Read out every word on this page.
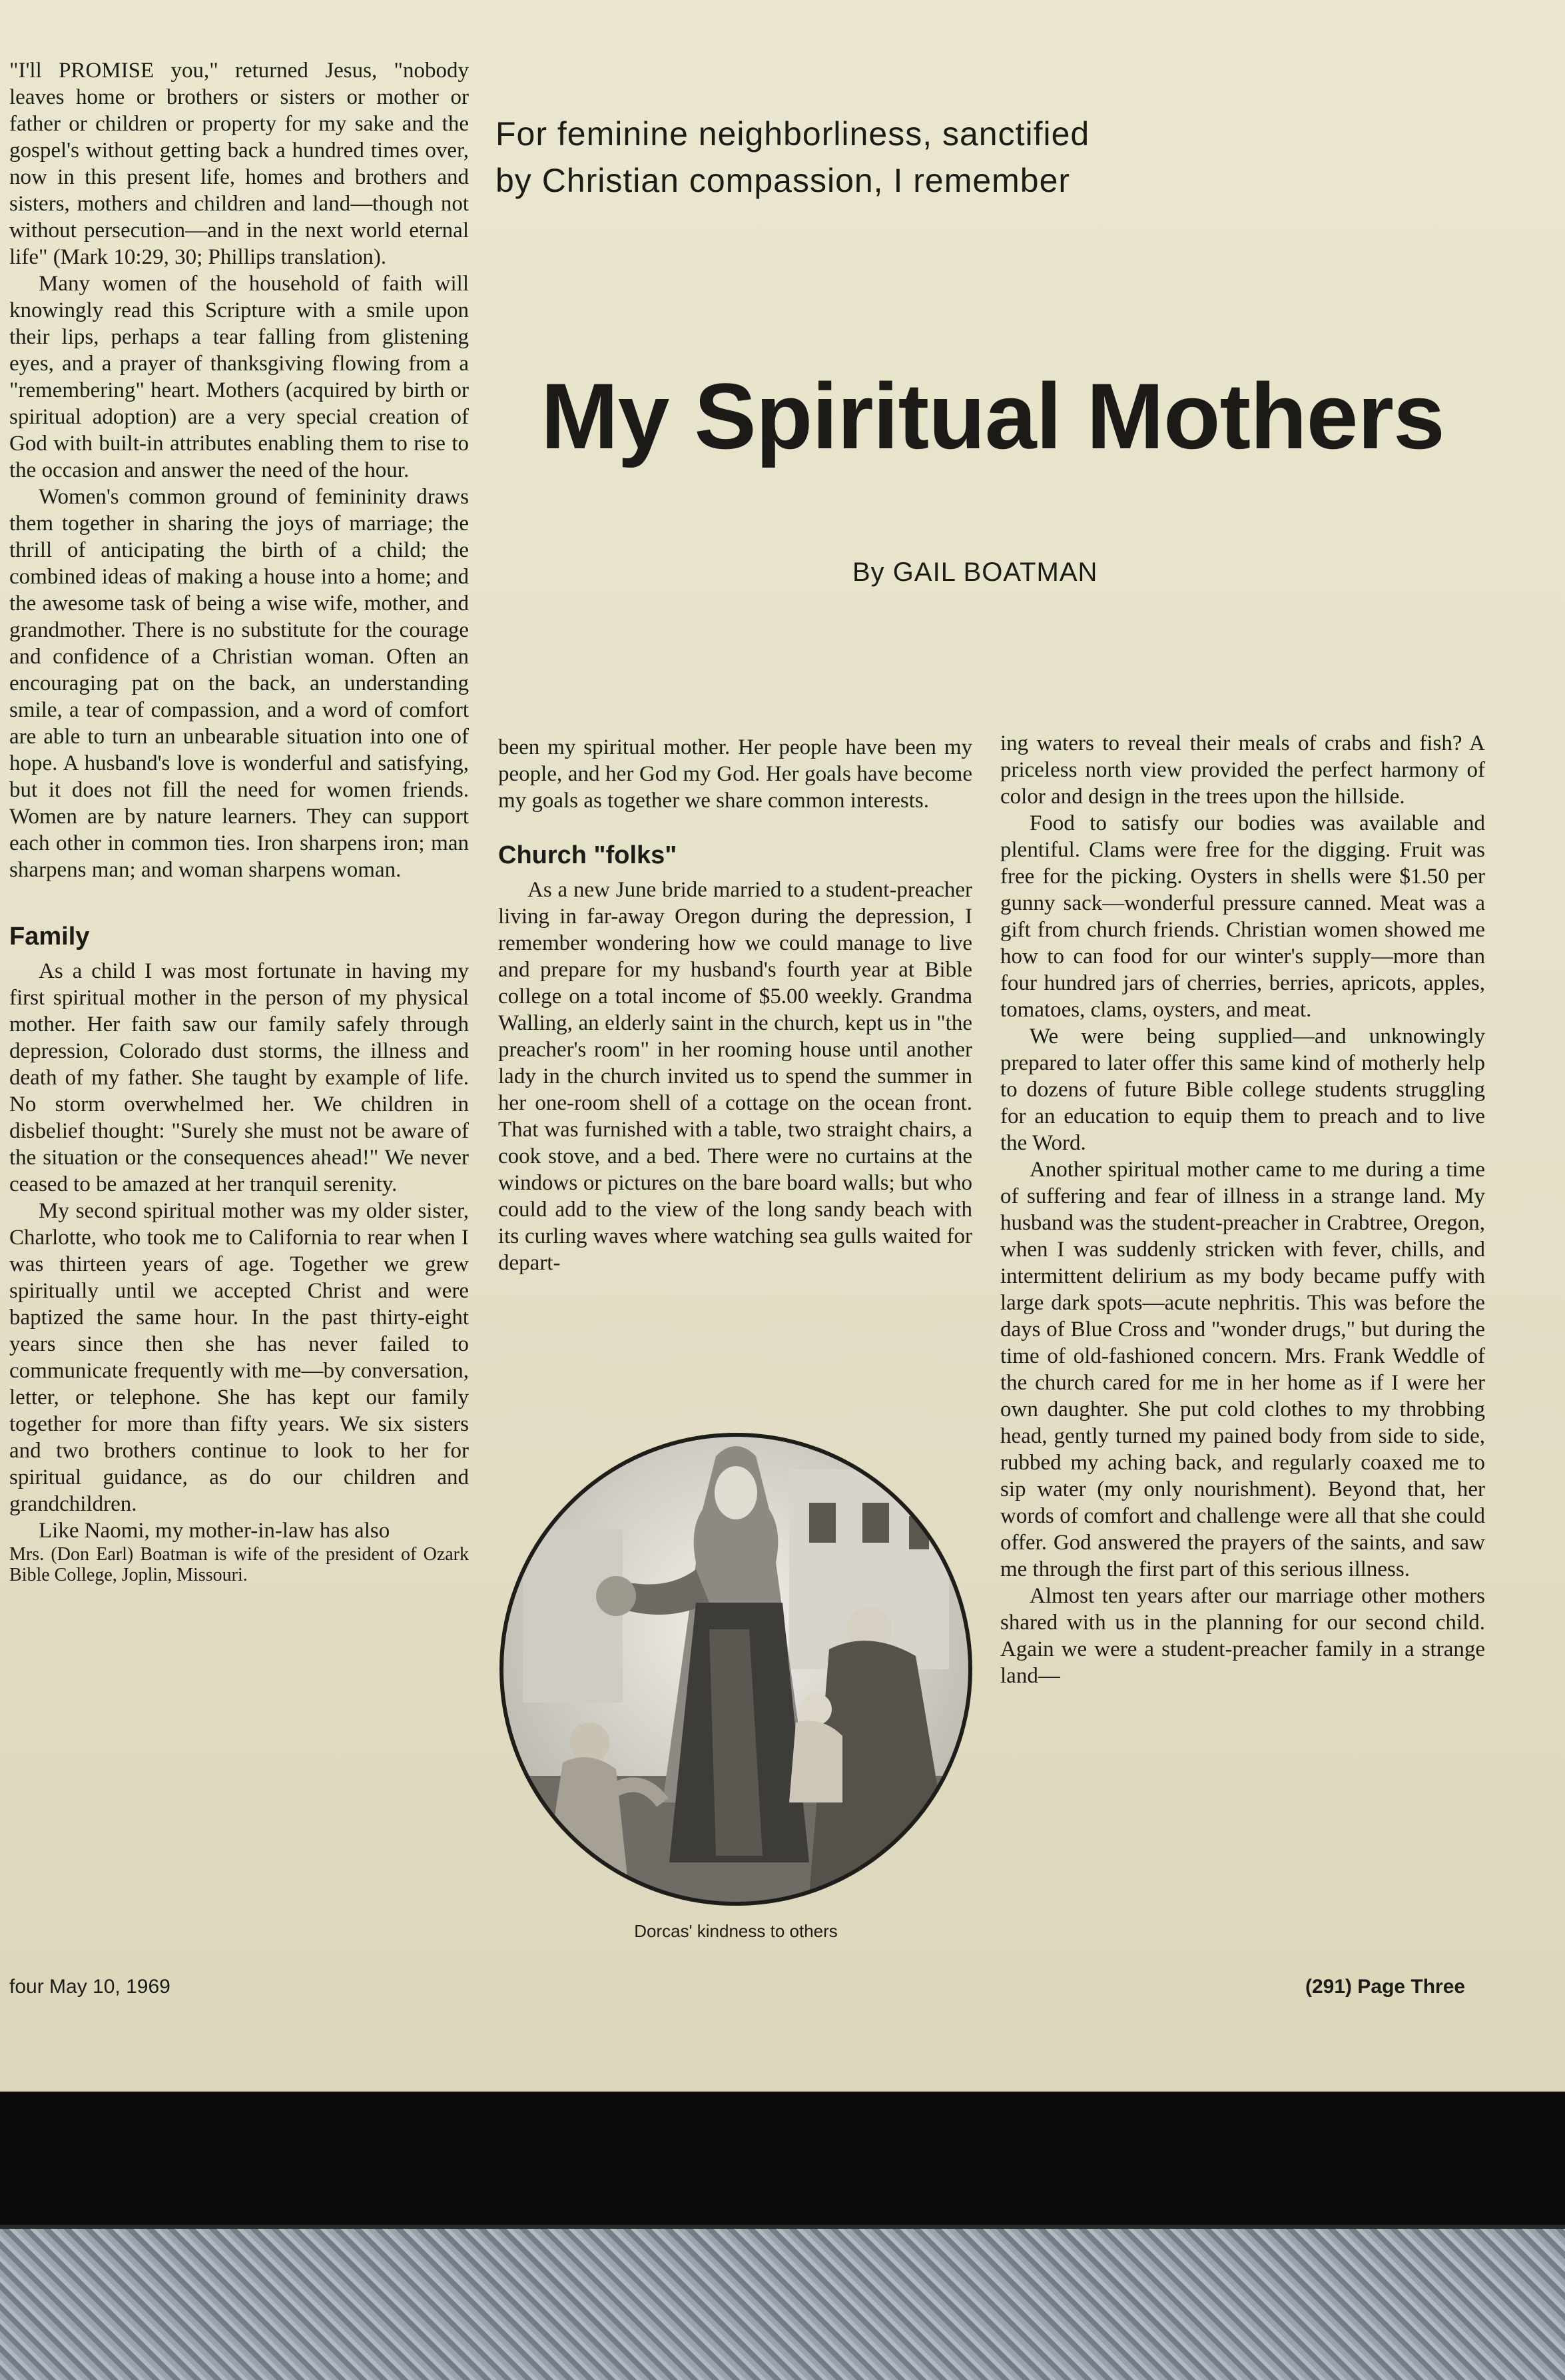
"I'll PROMISE you," returned Jesus, "nobody leaves home or brothers or sisters or mother or father or children or property for my sake and the gospel's without getting back a hundred times over, now in this present life, homes and brothers and sisters, mothers and children and land—though not without persecution—and in the next world eternal life" (Mark 10:29, 30; Phillips translation).

Many women of the household of faith will knowingly read this Scripture with a smile upon their lips, perhaps a tear falling from glistening eyes, and a prayer of thanksgiving flowing from a "remembering" heart. Mothers (acquired by birth or spiritual adoption) are a very special creation of God with built-in attributes enabling them to rise to the occasion and answer the need of the hour.

Women's common ground of femininity draws them together in sharing the joys of marriage; the thrill of anticipating the birth of a child; the combined ideas of making a house into a home; and the awesome task of being a wise wife, mother, and grandmother. There is no substitute for the courage and confidence of a Christian woman. Often an encouraging pat on the back, an understanding smile, a tear of compassion, and a word of comfort are able to turn an unbearable situation into one of hope. A husband's love is wonderful and satisfying, but it does not fill the need for women friends. Women are by nature learners. They can support each other in common ties. Iron sharpens iron; man sharpens man; and woman sharpens woman.

Family

As a child I was most fortunate in having my first spiritual mother in the person of my physical mother. Her faith saw our family safely through depression, Colorado dust storms, the illness and death of my father. She taught by example of life. No storm overwhelmed her. We children in disbelief thought: "Surely she must not be aware of the situation or the consequences ahead!" We never ceased to be amazed at her tranquil serenity.

My second spiritual mother was my older sister, Charlotte, who took me to California to rear when I was thirteen years of age. Together we grew spiritually until we accepted Christ and were baptized the same hour. In the past thirty-eight years since then she has never failed to communicate frequently with me—by conversation, letter, or telephone. She has kept our family together for more than fifty years. We six sisters and two brothers continue to look to her for spiritual guidance, as do our children and grandchildren.

Like Naomi, my mother-in-law has also

Mrs. (Don Earl) Boatman is wife of the president of Ozark Bible College, Joplin, Missouri.

For feminine neighborliness, sanctified
by Christian compassion, I remember
My Spiritual Mothers
By GAIL BOATMAN

been my spiritual mother. Her people have been my people, and her God my God. Her goals have become my goals as together we share common interests.

Church "folks"

As a new June bride married to a student-preacher living in far-away Oregon during the depression, I remember wondering how we could manage to live and prepare for my husband's fourth year at Bible college on a total income of $5.00 weekly. Grandma Walling, an elderly saint in the church, kept us in "the preacher's room" in her rooming house until another lady in the church invited us to spend the summer in her one-room shell of a cottage on the ocean front. That was furnished with a table, two straight chairs, a cook stove, and a bed. There were no curtains at the windows or pictures on the bare board walls; but who could add to the view of the long sandy beach with its curling waves where watching sea gulls waited for depart-

Dorcas' kindness to others

ing waters to reveal their meals of crabs and fish? A priceless north view provided the perfect harmony of color and design in the trees upon the hillside.

Food to satisfy our bodies was available and plentiful. Clams were free for the digging. Fruit was free for the picking. Oysters in shells were $1.50 per gunny sack—wonderful pressure canned. Meat was a gift from church friends. Christian women showed me how to can food for our winter's supply—more than four hundred jars of cherries, berries, apricots, apples, tomatoes, clams, oysters, and meat.

We were being supplied—and unknowingly prepared to later offer this same kind of motherly help to dozens of future Bible college students struggling for an education to equip them to preach and to live the Word.

Another spiritual mother came to me during a time of suffering and fear of illness in a strange land. My husband was the student-preacher in Crabtree, Oregon, when I was suddenly stricken with fever, chills, and intermittent delirium as my body became puffy with large dark spots—acute nephritis. This was before the days of Blue Cross and "wonder drugs," but during the time of old-fashioned concern. Mrs. Frank Weddle of the church cared for me in her home as if I were her own daughter. She put cold clothes to my throbbing head, gently turned my pained body from side to side, rubbed my aching back, and regularly coaxed me to sip water (my only nourishment). Beyond that, her words of comfort and challenge were all that she could offer. God answered the prayers of the saints, and saw me through the first part of this serious illness.

Almost ten years after our marriage other mothers shared with us in the planning for our second child. Again we were a student-preacher family in a strange land—

four May 10, 1969	(291) Page Three
